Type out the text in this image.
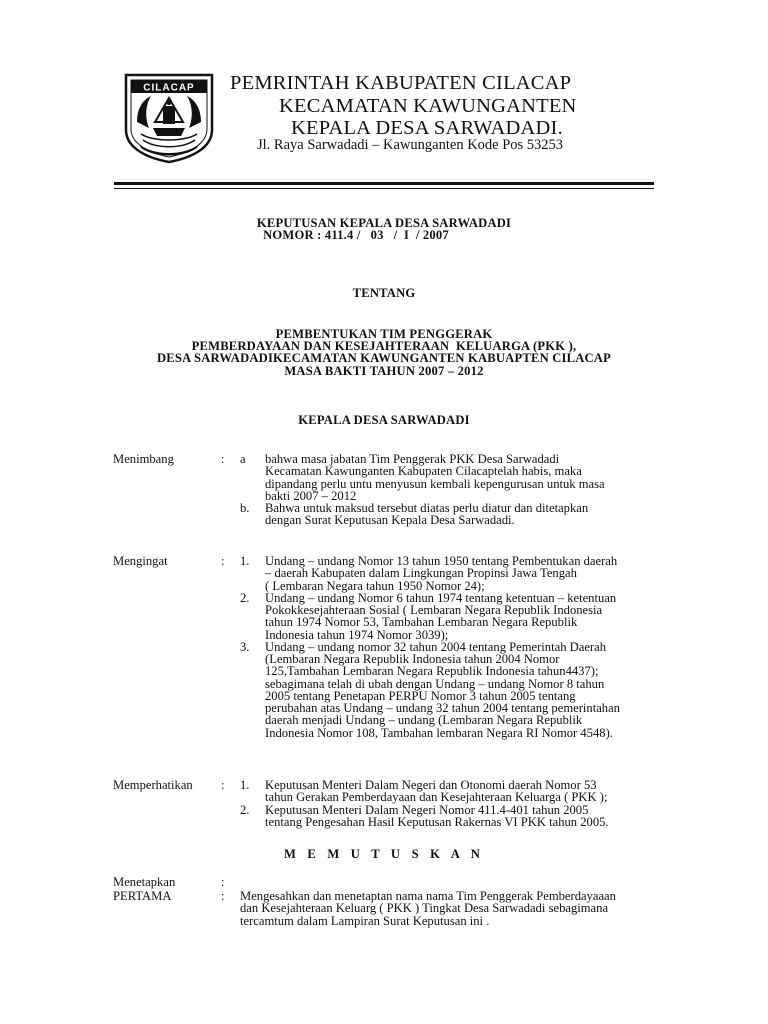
CILACAP PEMRINTAH KABUPATEN CILACAP
KECAMATAN KAWUNGANTEN
KEPALA DESA SARWADADI.
Jl. Raya Sarwadadi – Kawunganten Kode Pos 53253
KEPUTUSAN KEPALA DESA SARWADADI
NOMOR : 411.4 /   03   /  I  / 2007
TENTANG
PEMBENTUKAN TIM PENGGERAK
PEMBERDAYAAN DAN KESEJAHTERAAN  KELUARGA (PKK ),
DESA SARWADADIKECAMATAN KAWUNGANTEN KABUAPTEN CILACAP
MASA BAKTI TAHUN 2007 – 2012
KEPALA DESA SARWADADI
Menimbang	: a bahwa masa jabatan Tim Penggerak PKK Desa Sarwadadi
Kecamatan Kawunganten Kabupaten Cilacaptelah habis, maka
dipandang perlu untu menyusun kembali kepengurusan untuk masa
bakti 2007 – 2012
b. Bahwa untuk maksud tersebut diatas perlu diatur dan ditetapkan
dengan Surat Keputusan Kepala Desa Sarwadadi.
Mengingat	: 1. Undang – undang Nomor 13 tahun 1950 tentang Pembentukan daerah
– daerah Kabupaten dalam Lingkungan Propinsi Jawa Tengah
( Lembaran Negara tahun 1950 Nomor 24);
2. Undang – undang Nomor 6 tahun 1974 tentang ketentuan – ketentuan
Pokokkesejahteraan Sosial ( Lembaran Negara Republik Indonesia
tahun 1974 Nomor 53, Tambahan Lembaran Negara Republik
Indonesia tahun 1974 Nomor 3039);
3. Undang – undang nomor 32 tahun 2004 tentang Pemerintah Daerah
(Lembaran Negara Republik Indonesia tahun 2004 Nomor
125,Tambahan Lembaran Negara Republik Indonesia tahun4437);
sebagimana telah di ubah dengan Undang – undang Nomor 8 tahun
2005 tentang Penetapan PERPU Nomor 3 tahun 2005 tentang
perubahan atas Undang – undang 32 tahun 2004 tentang pemerintahan
daerah menjadi Undang – undang (Lembaran Negara Republik
Indonesia Nomor 108, Tambahan lembaran Negara RI Nomor 4548).
Memperhatikan : 1. Keputusan Menteri Dalam Negeri dan Otonomi daerah Nomor 53
tahun Gerakan Pemberdayaan dan Kesejahteraan Keluarga ( PKK );
2. Keputusan Menteri Dalam Negeri Nomor 411.4-401 tahun 2005
tentang Pengesahan Hasil Keputusan Rakernas VI PKK tahun 2005.
M E M U T U S K A N
Menetapkan	:
PERTAMA	: Mengesahkan dan menetaptan nama nama Tim Penggerak Pemberdayaaan
dan Kesejahteraan Keluarg ( PKK ) Tingkat Desa Sarwadadi sebagimana
tercamtum dalam Lampiran Surat Keputusan ini .
